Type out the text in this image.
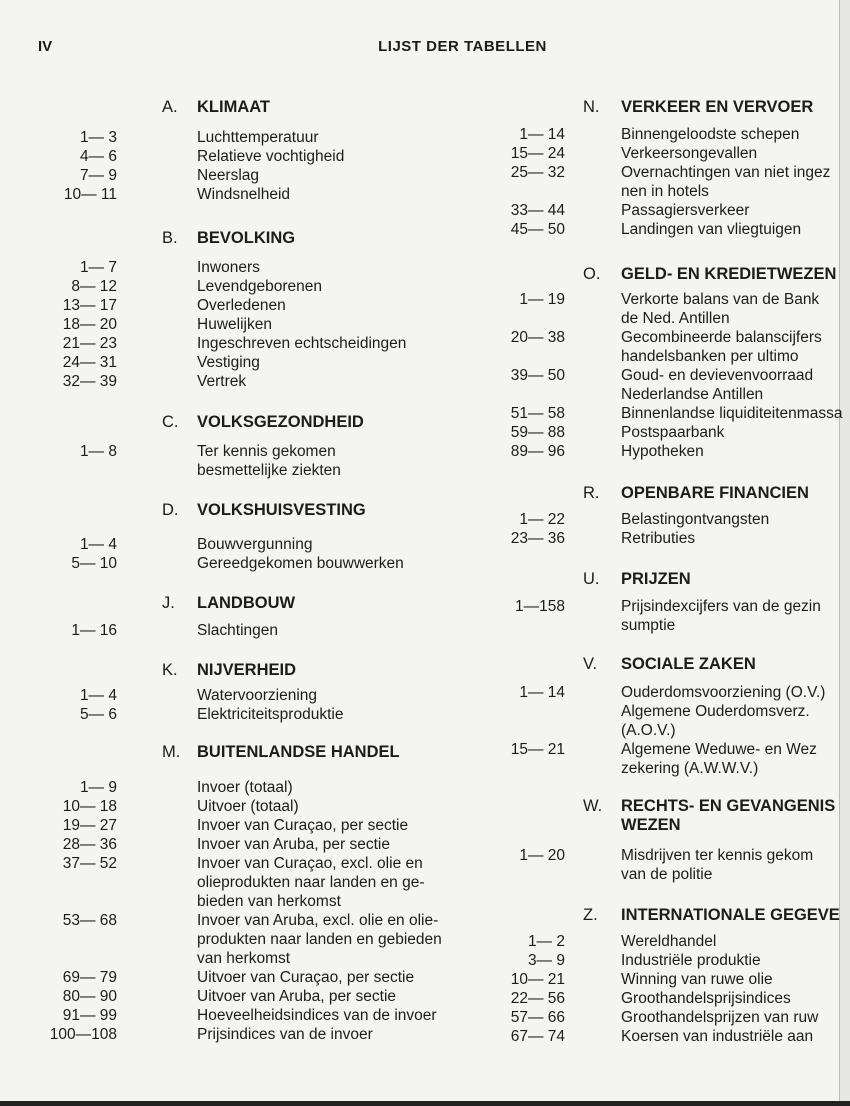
IV	LIJST DER TABELLEN
A. KLIMAAT
1— 3	Luchttemperatuur
4— 6	Relatieve vochtigheid
7— 9	Neerslag
10— 11	Windsnelheid
B. BEVOLKING
1— 7	Inwoners
8— 12	Levendgeborenen
13— 17	Overledenen
18— 20	Huwelijken
21— 23	Ingeschreven echtscheidingen
24— 31	Vestiging
32— 39	Vertrek
C. VOLKSGEZONDHEID
1— 8	Ter kennis gekomen
besmettelijke ziekten
D. VOLKSHUISVESTING
1— 4	Bouwvergunning
5— 10	Gereedgekomen bouwwerken
J. LANDBOUW
1— 16	Slachtingen
K. NIJVERHEID
1— 4	Watervoorziening
5— 6	Elektriciteitsproduktie
M. BUITENLANDSE HANDEL
1— 9	Invoer (totaal)
10— 18	Uitvoer (totaal)
19— 27	Invoer van Curaçao, per sectie
28— 36	Invoer van Aruba, per sectie
37— 52	Invoer van Curaçao, excl. olie en
olieprodukten naar landen en ge-
bieden van herkomst
53— 68	Invoer van Aruba, excl. olie en olie-
produkten naar landen en gebieden
van herkomst
69— 79	Uitvoer van Curaçao, per sectie
80— 90	Uitvoer van Aruba, per sectie
91— 99	Hoeveelheidsindices van de invoer
100—108	Prijsindices van de invoer
N. VERKEER EN VERVOER
1— 14	Binnengeloodste schepen
15— 24	Verkeersongevallen
25— 32	Overnachtingen van niet ingez
nen in hotels
33— 44	Passagiersverkeer
45— 50	Landingen van vliegtuigen
O. GELD- EN KREDIETWEZEN
1— 19	Verkorte balans van de Bank
de Ned. Antillen
20— 38	Gecombineerde balanscijfers
handelsbanken per ultimo
39— 50	Goud- en devievenvoorraad
Nederlandse Antillen
51— 58	Binnenlandse liquiditeitenmassa
59— 88	Postspaarbank
89— 96	Hypotheken
R. OPENBARE FINANCIEN
1— 22	Belastingontvangsten
23— 36	Retributies
U. PRIJZEN
1—158	Prijsindexcijfers van de gezin
sumptie
V. SOCIALE ZAKEN
1— 14	Ouderdomsvoorziening (O.V.)
Algemene Ouderdomsverz.
(A.O.V.)
15— 21	Algemene Weduwe- en Wez
zekering (A.W.W.V.)
W. RECHTS- EN GEVANGENIS
WEZEN
1— 20	Misdrijven ter kennis gekom
van de politie
Z. INTERNATIONALE GEGEVE
1— 2	Wereldhandel
3— 9	Industriële produktie
10— 21	Winning van ruwe olie
22— 56	Groothandelsprijsindices
57— 66	Groothandelsprijzen van ruw
67— 74	Koersen van industriële aan
